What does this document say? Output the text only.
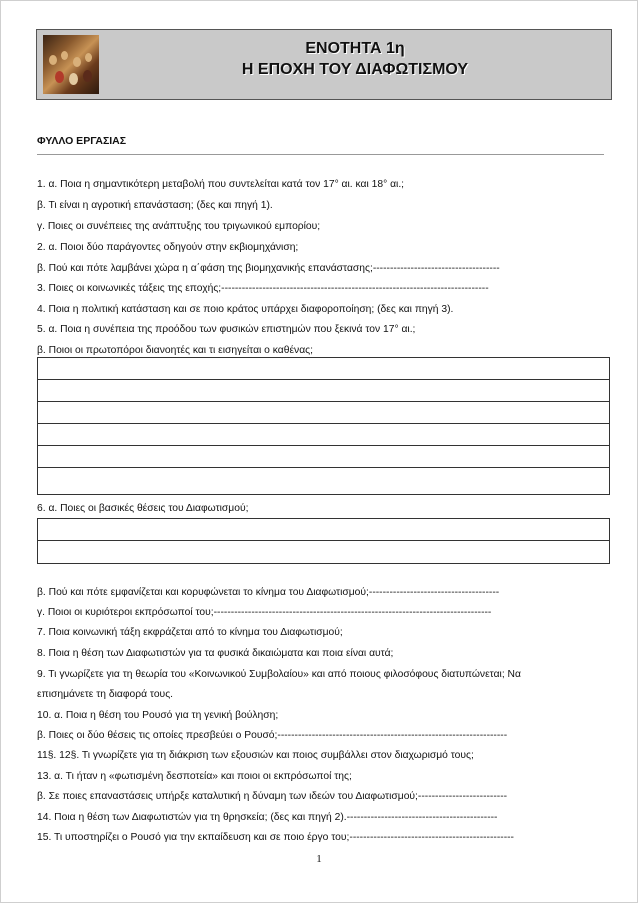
ΕΝΟΤΗΤΑ 1η
Η ΕΠΟΧΗ ΤΟΥ ΔΙΑΦΩΤΙΣΜΟΥ
ΦΥΛΛΟ ΕΡΓΑΣΙΑΣ
1. α. Ποια η σημαντικότερη μεταβολή που συντελείται κατά τον 17° αι. και 18° αι.;
β. Τι είναι η αγροτική επανάσταση; (δες και πηγή 1).
γ. Ποιες οι συνέπειες της ανάπτυξης του τριγωνικού εμπορίου;
2. α. Ποιοι δύο παράγοντες οδηγούν στην εκβιομηχάνιση;
β. Πού και πότε λαμβάνει χώρα η α΄φάση της βιομηχανικής επανάστασης;-------------------------------------
3. Ποιες οι κοινωνικές τάξεις της εποχής;------------------------------------------------------------------------------
4. Ποια η πολιτική κατάσταση και σε ποιο κράτος υπάρχει διαφοροποίηση; (δες και πηγή 3).
5. α. Ποια η συνέπεια της προόδου των φυσικών επιστημών που ξεκινά τον 17° αι.;
β. Ποιοι οι πρωτοπόροι διανοητές και τι εισηγείται ο καθένας;
6. α. Ποιες οι βασικές θέσεις του Διαφωτισμού;
β. Πού και πότε εμφανίζεται και κορυφώνεται το κίνημα του Διαφωτισμού;--------------------------------------
γ. Ποιοι οι κυριότεροι εκπρόσωποί του;---------------------------------------------------------------------------------
7. Ποια κοινωνική τάξη εκφράζεται από το κίνημα του Διαφωτισμού;
8. Ποια η θέση των Διαφωτιστών για τα φυσικά δικαιώματα και ποια είναι αυτά;
9. Τι γνωρίζετε για τη θεωρία του «Κοινωνικού Συμβολαίου» και από ποιους φιλοσόφους διατυπώνεται; Να
επισημάνετε τη διαφορά τους.
10. α. Ποια η θέση του Ρουσό για τη γενική βούληση;
β. Ποιες οι δύο θέσεις τις οποίες πρεσβεύει ο Ρουσό;-------------------------------------------------------------------
11§. 12§. Τι γνωρίζετε για τη διάκριση των εξουσιών και ποιος συμβάλλει στον διαχωρισμό τους;
13. α. Τι ήταν η «φωτισμένη δεσποτεία» και ποιοι οι εκπρόσωποί της;
β. Σε ποιες επαναστάσεις υπήρξε καταλυτική η δύναμη των ιδεών του Διαφωτισμού;--------------------------
14. Ποια η θέση των Διαφωτιστών για τη θρησκεία; (δες και πηγή 2).--------------------------------------------
15. Τι υποστηρίζει ο Ρουσό για την εκπαίδευση και σε ποιο έργο του;------------------------------------------------
1
